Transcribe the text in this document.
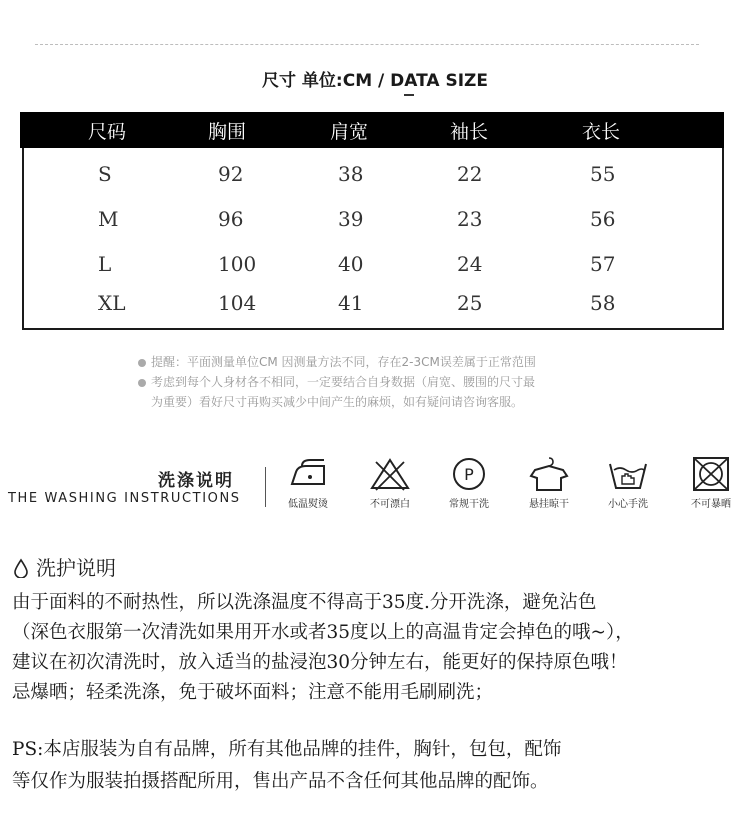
尺寸 单位:CM / DATA SIZE
尺码	胸围	肩宽	袖长	衣长
S	92	38	22	55
M	96	39	23	56
L	100	40	24	57
XL	104	41	25	58
提醒：平面测量单位CM 因测量方法不同，存在2-3CM误差属于正常范围
考虑到每个人身材各不相同，一定要结合自身数据（肩宽、腰围的尺寸最
为重要）看好尺寸再购买减少中间产生的麻烦，如有疑问请咨询客服。
洗涤说明
THE WASHING INSTRUCTIONS	低温熨烫	不可漂白
P
常规干洗	悬挂晾干	小心手洗	不可暴晒
洗护说明
由于面料的不耐热性，所以洗涤温度不得高于35度.分开洗涤，避免沾色
（深色衣服第一次清洗如果用开水或者35度以上的高温肯定会掉色的哦~），
建议在初次清洗时，放入适当的盐浸泡30分钟左右，能更好的保持原色哦！
忌爆晒；轻柔洗涤，免于破坏面料；注意不能用毛刷刷洗；
PS:本店服装为自有品牌，所有其他品牌的挂件，胸针，包包，配饰
等仅作为服装拍摄搭配所用，售出产品不含任何其他品牌的配饰。
